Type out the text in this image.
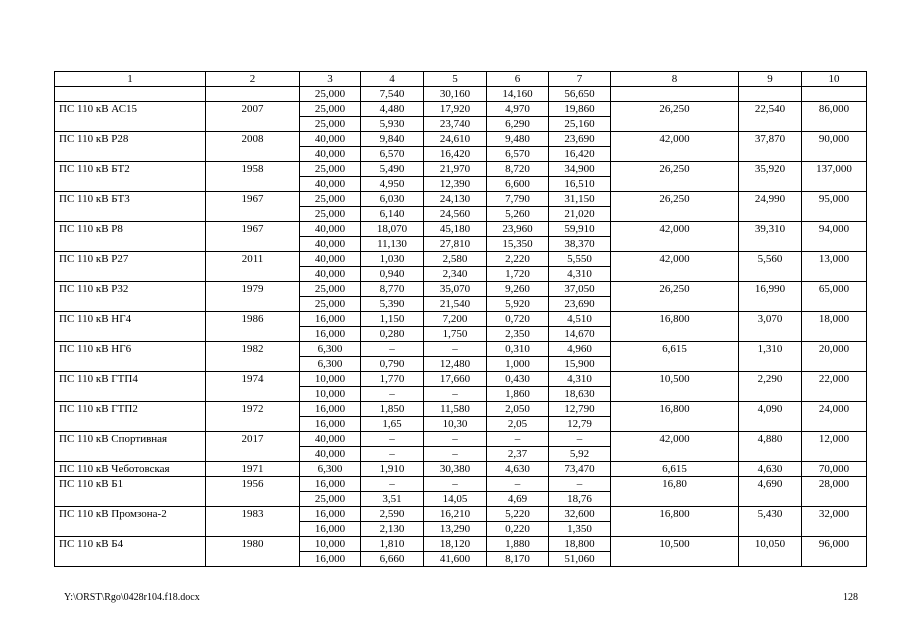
1	2	3	4	5	6	7	8	9	10
		25,000	7,540	30,160	14,160	56,650			
ПС 110 кВ АС15	2007	25,000	4,480	17,920	4,970	19,860	26,250	22,540	86,000
		25,000	5,930	23,740	6,290	25,160			
ПС 110 кВ Р28	2008	40,000	9,840	24,610	9,480	23,690	42,000	37,870	90,000
		40,000	6,570	16,420	6,570	16,420			
ПС 110 кВ БТ2	1958	25,000	5,490	21,970	8,720	34,900	26,250	35,920	137,000
		40,000	4,950	12,390	6,600	16,510			
ПС 110 кВ БТ3	1967	25,000	6,030	24,130	7,790	31,150	26,250	24,990	95,000
		25,000	6,140	24,560	5,260	21,020			
ПС 110 кВ Р8	1967	40,000	18,070	45,180	23,960	59,910	42,000	39,310	94,000
		40,000	11,130	27,810	15,350	38,370			
ПС 110 кВ Р27	2011	40,000	1,030	2,580	2,220	5,550	42,000	5,560	13,000
		40,000	0,940	2,340	1,720	4,310			
ПС 110 кВ Р32	1979	25,000	8,770	35,070	9,260	37,050	26,250	16,990	65,000
		25,000	5,390	21,540	5,920	23,690			
ПС 110 кВ НГ4	1986	16,000	1,150	7,200	0,720	4,510	16,800	3,070	18,000
		16,000	0,280	1,750	2,350	14,670			
ПС 110 кВ НГ6	1982	6,300	–	–	0,310	4,960	6,615	1,310	20,000
		6,300	0,790	12,480	1,000	15,900			
ПС 110 кВ ГТП4	1974	10,000	1,770	17,660	0,430	4,310	10,500	2,290	22,000
		10,000	–	–	1,860	18,630			
ПС 110 кВ ГТП2	1972	16,000	1,850	11,580	2,050	12,790	16,800	4,090	24,000
		16,000	1,65	10,30	2,05	12,79			
ПС 110 кВ Спортивная	2017	40,000	–	–	–	–	42,000	4,880	12,000
		40,000	–	–	2,37	5,92			
ПС 110 кВ Чеботовская	1971	6,300	1,910	30,380	4,630	73,470	6,615	4,630	70,000
ПС 110 кВ Б1	1956	16,000	–	–	–	–	16,80	4,690	28,000
		25,000	3,51	14,05	4,69	18,76			
ПС 110 кВ Промзона-2	1983	16,000	2,590	16,210	5,220	32,600	16,800	5,430	32,000
		16,000	2,130	13,290	0,220	1,350			
ПС 110 кВ Б4	1980	10,000	1,810	18,120	1,880	18,800	10,500	10,050	96,000
		16,000	6,660	41,600	8,170	51,060			
Y:\ORST\Rgo\0428r104.f18.docx	128
